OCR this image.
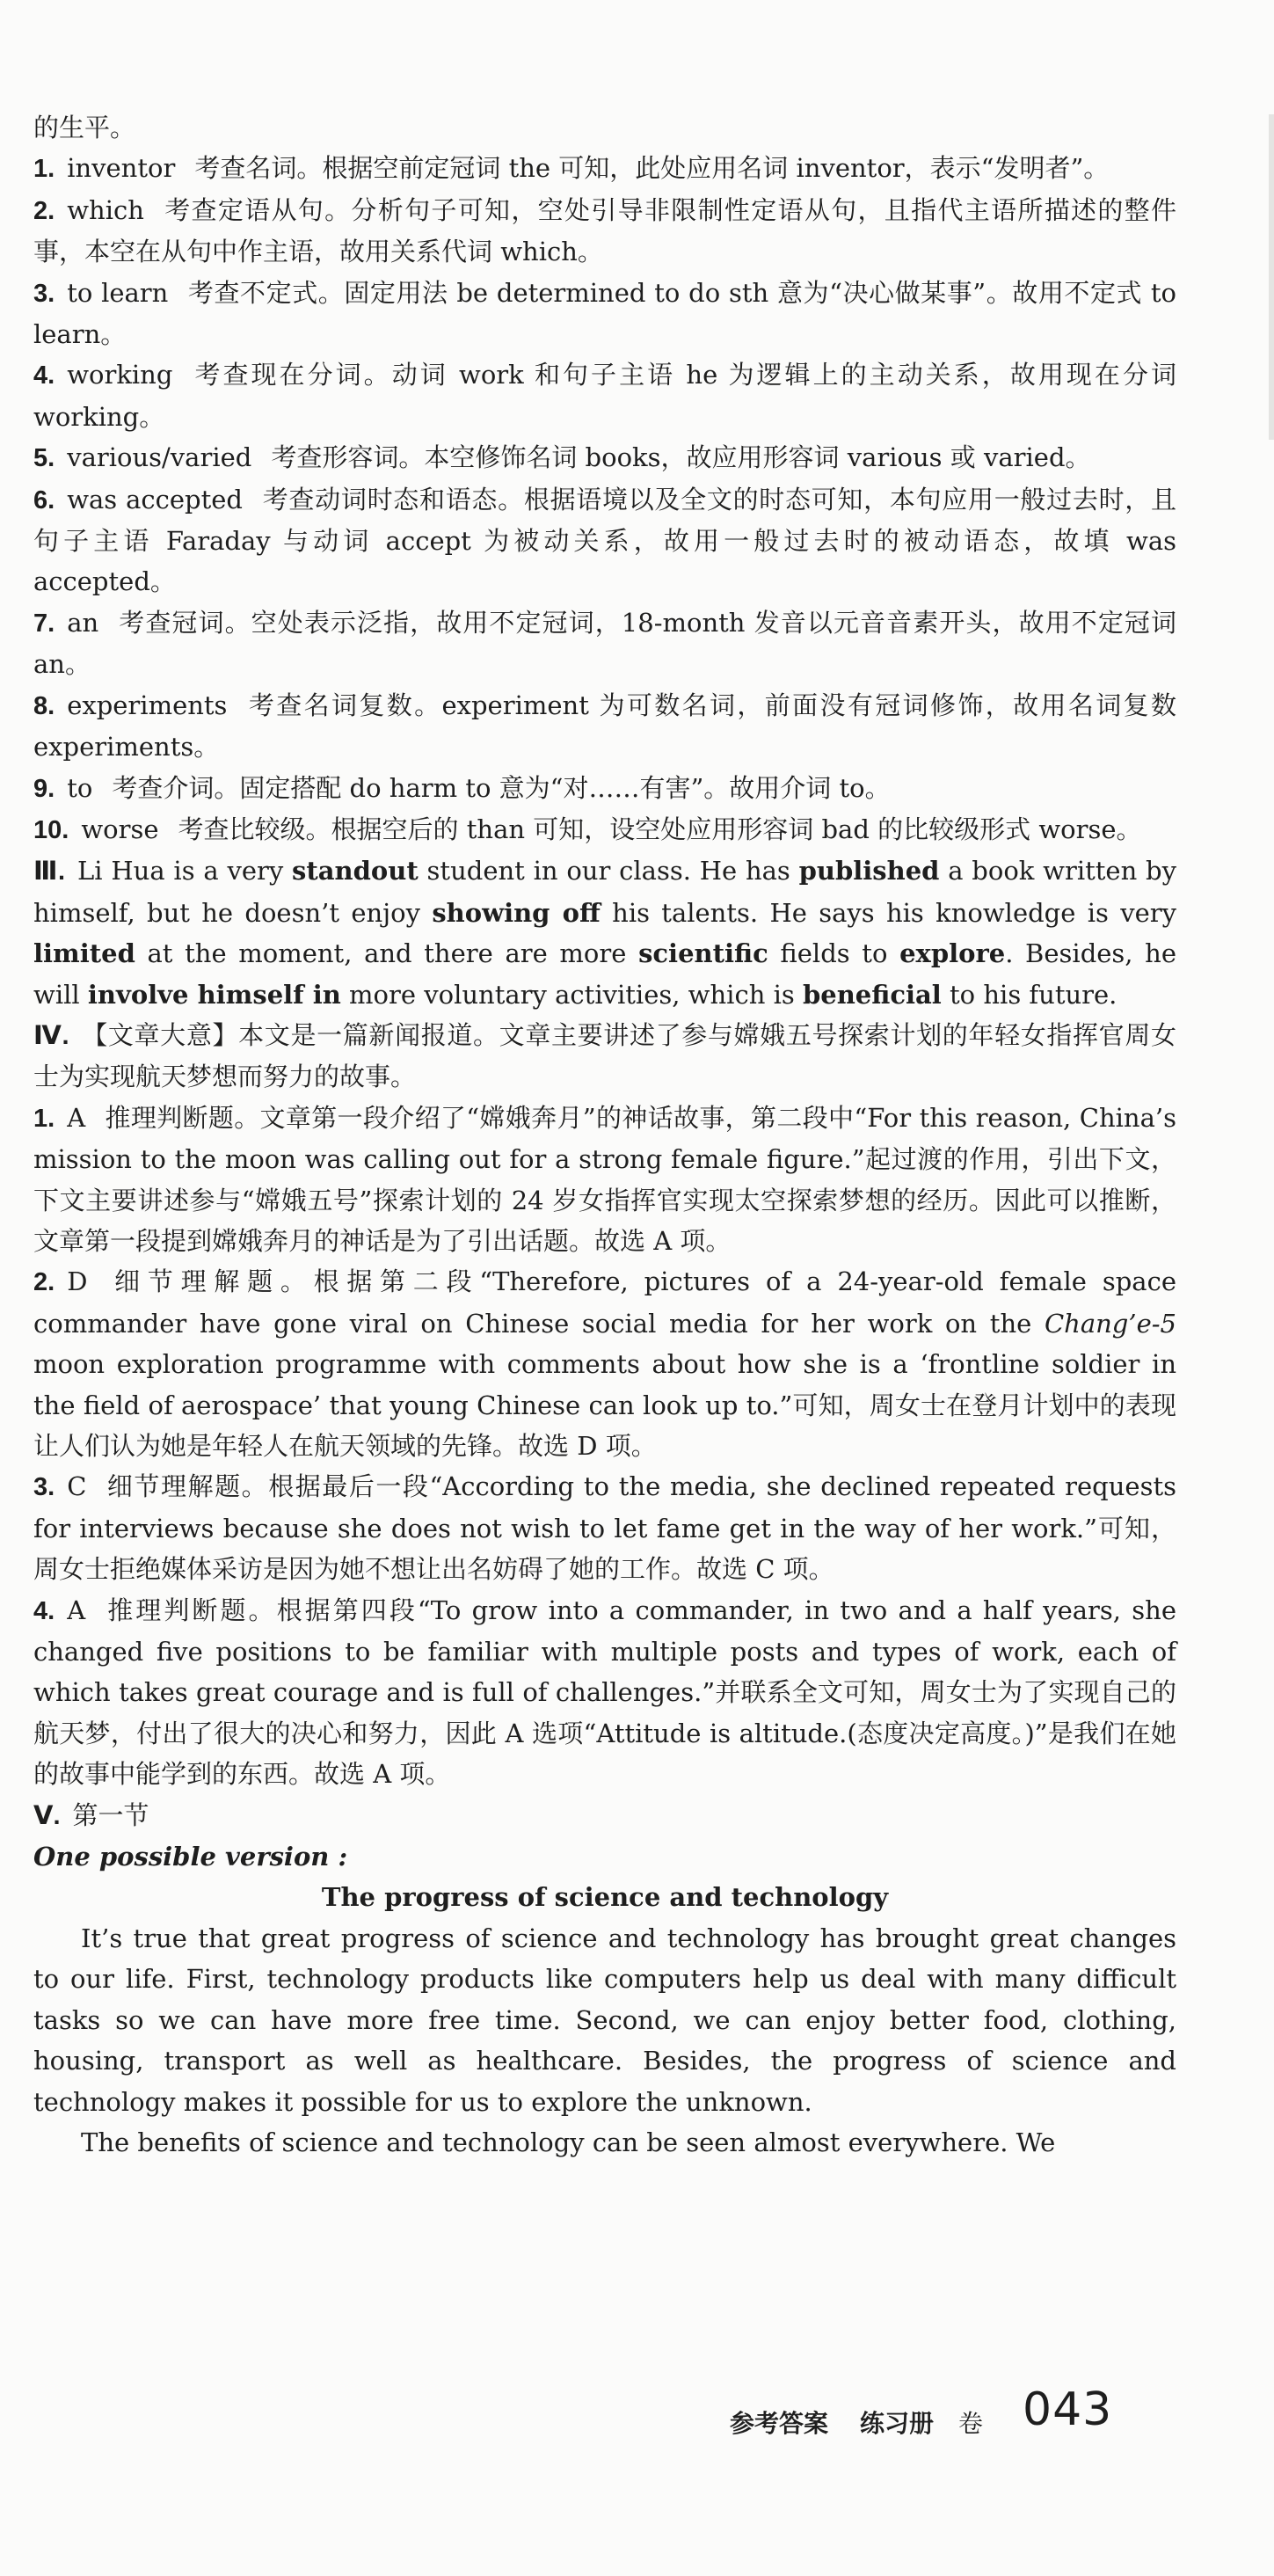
的生平。

1. inventor 考查名词。根据空前定冠词 the 可知，此处应用名词 inventor，表示“发明者”。

2. which 考查定语从句。分析句子可知，空处引导非限制性定语从句，且指代主语所描述的整件事，本空在从句中作主语，故用关系代词 which。

3. to learn 考查不定式。固定用法 be determined to do sth 意为“决心做某事”。故用不定式 to learn。

4. working 考查现在分词。动词 work 和句子主语 he 为逻辑上的主动关系，故用现在分词 working。

5. various/varied 考查形容词。本空修饰名词 books，故应用形容词 various 或 varied。

6. was accepted 考查动词时态和语态。根据语境以及全文的时态可知，本句应用一般过去时，且句子主语 Faraday 与动词 accept 为被动关系，故用一般过去时的被动语态，故填 was accepted。

7. an 考查冠词。空处表示泛指，故用不定冠词，18-month 发音以元音音素开头，故用不定冠词 an。

8. experiments 考查名词复数。experiment 为可数名词，前面没有冠词修饰，故用名词复数 experiments。

9. to 考查介词。固定搭配 do harm to 意为“对……有害”。故用介词 to。

10. worse 考查比较级。根据空后的 than 可知，设空处应用形容词 bad 的比较级形式 worse。

Ⅲ. Li Hua is a very standout student in our class. He has published a book written by himself, but he doesn’t enjoy showing off his talents. He says his knowledge is very limited at the moment, and there are more scientific fields to explore. Besides, he will involve himself in more voluntary activities, which is beneficial to his future.

Ⅳ. 【文章大意】本文是一篇新闻报道。文章主要讲述了参与嫦娥五号探索计划的年轻女指挥官周女士为实现航天梦想而努力的故事。

1. A 推理判断题。文章第一段介绍了“嫦娥奔月”的神话故事，第二段中“For this reason, China’s mission to the moon was calling out for a strong female figure.”起过渡的作用，引出下文，下文主要讲述参与“嫦娥五号”探索计划的 24 岁女指挥官实现太空探索梦想的经历。因此可以推断，文章第一段提到嫦娥奔月的神话是为了引出话题。故选 A 项。

2. D 细节理解题。根据第二段“Therefore, pictures of a 24-year-old female space commander have gone viral on Chinese social media for her work on the Chang’e-5 moon exploration programme with comments about how she is a ‘frontline soldier in the field of aerospace’ that young Chinese can look up to.”可知，周女士在登月计划中的表现让人们认为她是年轻人在航天领域的先锋。故选 D 项。

3. C 细节理解题。根据最后一段“According to the media, she declined repeated requests for interviews because she does not wish to let fame get in the way of her work.”可知，周女士拒绝媒体采访是因为她不想让出名妨碍了她的工作。故选 C 项。

4. A 推理判断题。根据第四段“To grow into a commander, in two and a half years, she changed five positions to be familiar with multiple posts and types of work, each of which takes great courage and is full of challenges.”并联系全文可知，周女士为了实现自己的航天梦，付出了很大的决心和努力，因此 A 选项“Attitude is altitude.(态度决定高度。)”是我们在她的故事中能学到的东西。故选 A 项。

Ⅴ. 第一节

One possible version :

The progress of science and technology

It’s true that great progress of science and technology has brought great changes to our life. First, technology products like computers help us deal with many difficult tasks so we can have more free time. Second, we can enjoy better food, clothing, housing, transport as well as healthcare. Besides, the progress of science and technology makes it possible for us to explore the unknown.

The benefits of science and technology can be seen almost everywhere. We

参考答案 练习册 卷 043
